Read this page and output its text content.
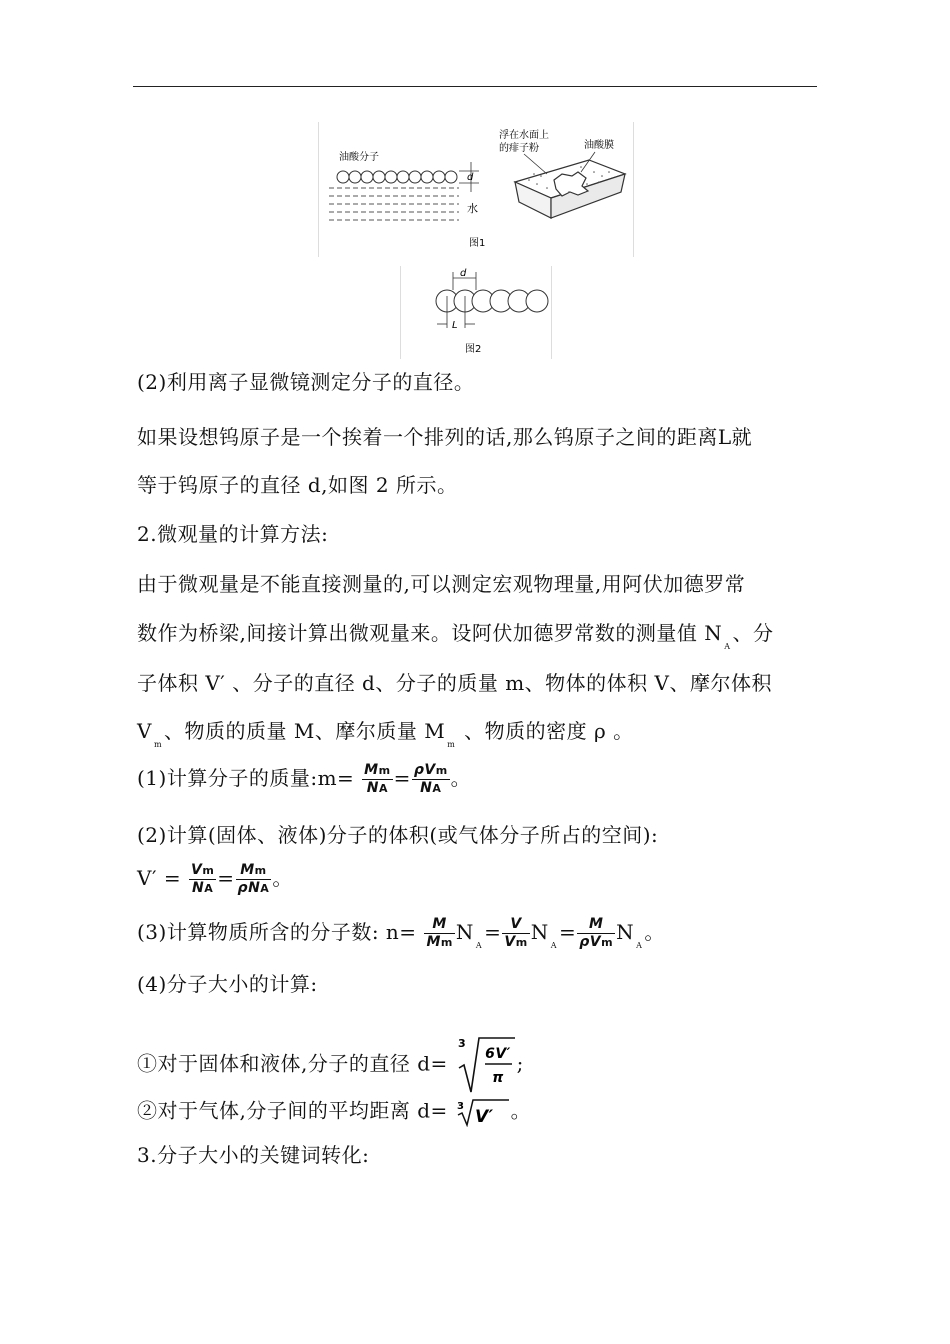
油酸分子
d
水
浮在水面上
的痱子粉	油酸膜
图1
d
L
图2
(2)利用离子显微镜测定分子的直径。
如果设想钨原子是一个挨着一个排列的话,那么钨原子之间的距离L就
等于钨原子的直径 d,如图 2 所示。
2.微观量的计算方法:
由于微观量是不能直接测量的,可以测定宏观物理量,用阿伏加德罗常
数作为桥梁,间接计算出微观量来。设阿伏加德罗常数的测量值 $N_A$、分
子体积 V′ 、分子的直径 d、分子的质量 m、物体的体积 V、摩尔体积
$V_m$、物质的质量 M、摩尔质量 $M_m$ 、物质的密度 ρ 。
(1)计算分子的质量:m= $\frac{Mm}{NA} = \frac{\text{ρVm}}{NA}$ 。
(2)计算(固体、液体)分子的体积(或气体分子所占的空间):
$V' = \frac{Vm}{NA} = \frac{Mm}{\text{ρNA}}$ 。
(3)计算物质所含的分子数: $n= \frac{M}{Mm} N_A= \frac{V}{Vm} N_A= \frac{M}{\text{ρVm}} N_A$。
(4)分子大小的计算:
①对于固体和液体,分子的直径 d=
3
6V′
π
;
②对于气体,分子间的平均距离 d= 3
V′ 。
3.分子大小的关键词转化:
